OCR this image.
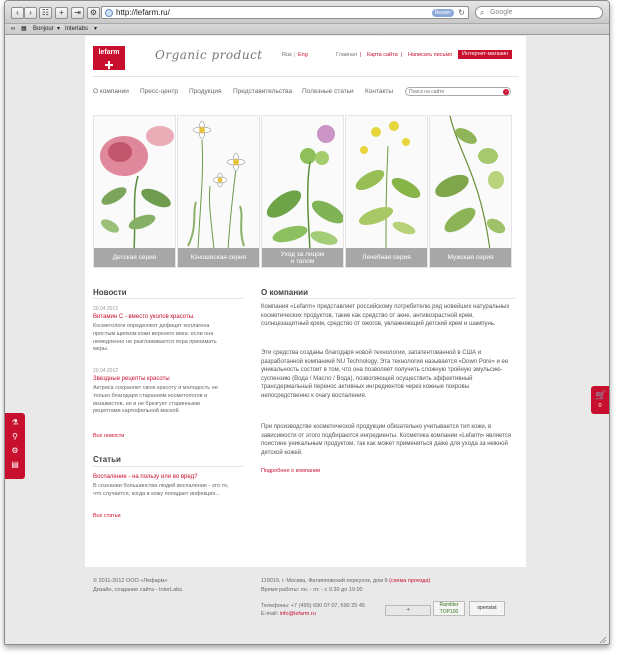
‹	›	☷	+	⇥	⚙	http://lefarm.ru/	Reader ↻ ⌕ Google
∞ ▦ Bonjour ▾ Interlabs ▾
lefarm	Organic product	Rus | Eng	Главная | Карта сайта | Написать письмо	Интернет-магазин
О компании Пресс-центр Продукция Представительства Полезные статьи Контакты	Поиск на сайте	›
Детская серия	Юношеская серия	Уход за лицом
и телом	Лечебная серия	Мужская серия
Новости
20.04.2012
Витамин С - вместо уколов красоты.
Косметологи определяют дефицит коллагена
простым щипком кожи верхнего века: если она
немедленно не разглаживается пора принимать
меры.
20.04.2012
Звездные рецепты красоты
Актриса сохраняет свою красоту и молодость не
только благодаря стараниям косметологов и
визажистов, но и не брезгует старинными
рецептами картофельной маской.
Все новости
Статьи
Воспаление - на пользу или во вред?
В сознании большинства людей воспаление - это то,
что случается, когда в кожу попадает инфекция...
Все статьи
О компании

Компания «Lefarm» представляет российскому потребителю ряд новейших натуральных косметических продуктов, такие как средство от акне, антивозрастной крем, солнцезащитный крем, средство от ожогов, увлажняющий детский крем и шампунь.

Эти средства созданы благодаря новой технологии, запатентованной в США и разработанной компанией NU Technology. Эта технология называется «Down Pore» и ее уникальность состоит в том, что она позволяет получить сложную тройную эмульсию-суспензию (Вода / Масло / Вода), позволяющей осуществить эффективный трансдермальный перенос активных ингредиентов через кожные покровы непосредственно к очагу воспаления.

При производстве косметической продукции обязательно учитывается тип кожи, в зависимости от этого подбираются ингредиенты. Косметика компании «Lefarm» является поистине уникальным продуктом, так как может применяться даже для ухода за нежной детской кожей.

Подробнее о компании
© 2011-2012 ООО «Лефарм»
Дизайн, создание сайта - InterLabs.
119019, г. Москва, Филипповский переулок, дом 9 (схема проезда)
Время работы: пн. - пт. - с 9.30 до 19.00
Телефоны: +7 (495) 690 07 07, 690 25 45
E-mail: info@lefarm.ru
➜
Rambler TOP100
openstat
⚗
⚲
⚙
▤
🛒
0
